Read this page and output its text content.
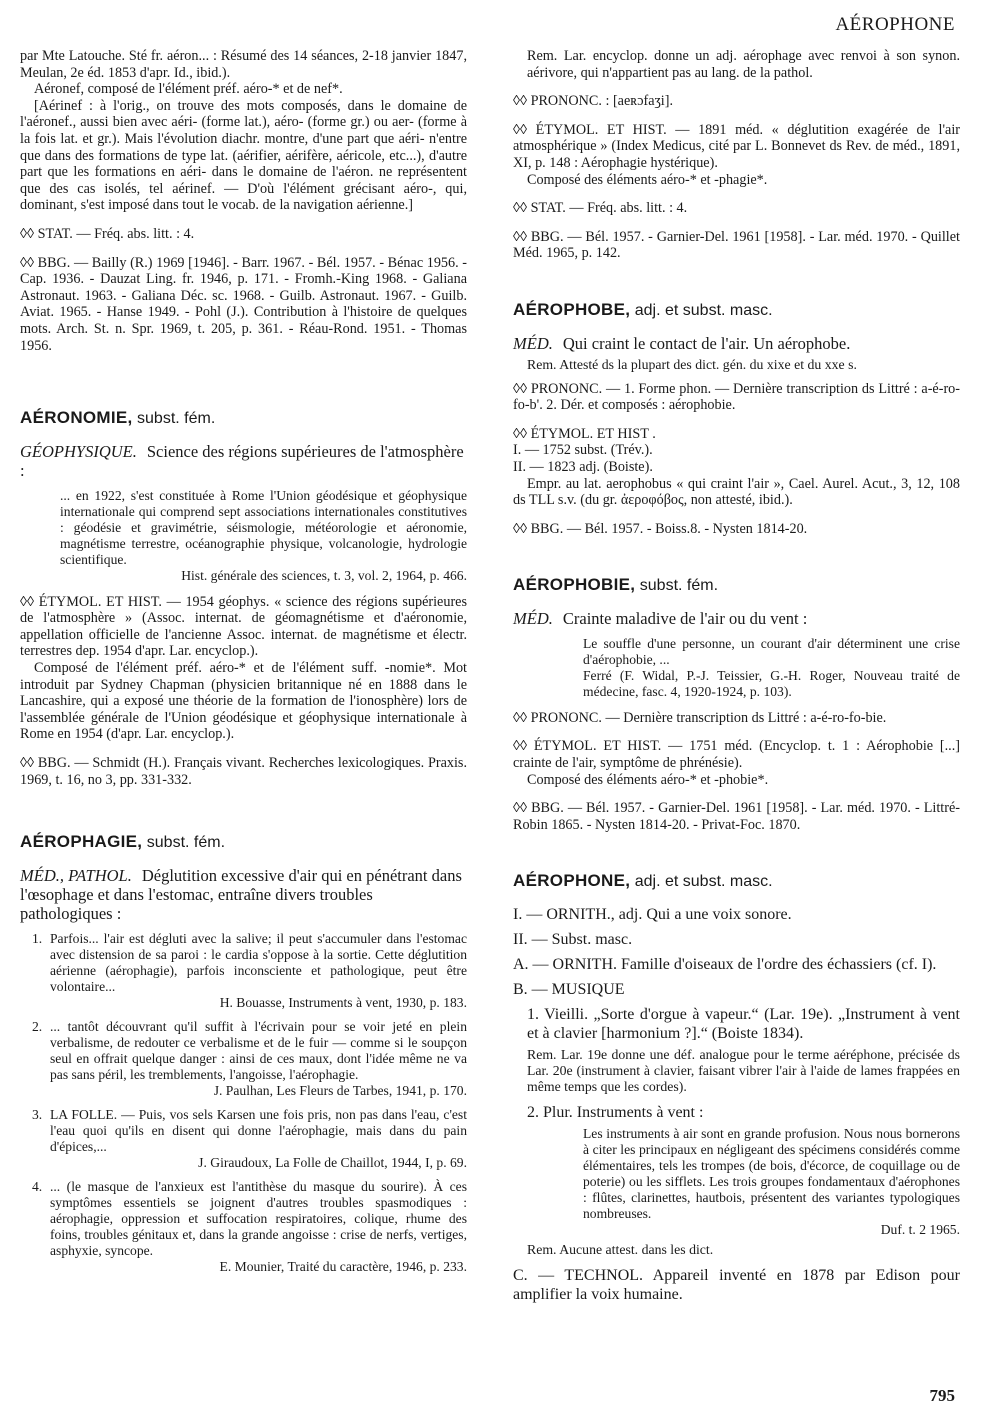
AÉROPHONE

par Mte Latouche. Sté fr. aéron... : Résumé des 14 séances, 2-18 janvier 1847, Meulan, 2e éd. 1853 d'apr. Id., ibid.).

Aéronef, composé de l'élément préf. aéro-* et de nef*.

[Aérinef : à l'orig., on trouve des mots composés, dans le domaine de l'aéronef., aussi bien avec aéri- (forme lat.), aéro- (forme gr.) ou aer- (forme à la fois lat. et gr.). Mais l'évolution diachr. montre, d'une part que aéri- n'entre que dans des formations de type lat. (aérifier, aérifère, aéricole, etc...), d'autre part que les formations en aéri- dans le domaine de l'aéron. ne représentent que des cas isolés, tel aérinef. — D'où l'élément grécisant aéro-, qui, dominant, s'est imposé dans tout le vocab. de la navigation aérienne.]

◊◊ STAT. — Fréq. abs. litt. : 4.

◊◊ BBG. — Bailly (R.) 1969 [1946]. - Barr. 1967. - Bél. 1957. - Bénac 1956. - Cap. 1936. - Dauzat Ling. fr. 1946, p. 171. - Fromh.-King 1968. - Galiana Astronaut. 1963. - Galiana Déc. sc. 1968. - Guilb. Astronaut. 1967. - Guilb. Aviat. 1965. - Hanse 1949. - Pohl (J.). Contribution à l'histoire de quelques mots. Arch. St. n. Spr. 1969, t. 205, p. 361. - Réau-Rond. 1951. - Thomas 1956.

AÉRONOMIE, subst. fém.

GÉOPHYSIQUE. Science des régions supérieures de l'atmosphère :

... en 1922, s'est constituée à Rome l'Union géodésique et géophysique internationale qui comprend sept associations internationales constitutives : géodésie et gravimétrie, séismologie, météorologie et aéronomie, magnétisme terrestre, océanographie physique, volcanologie, hydrologie scientifique.

Hist. générale des sciences, t. 3, vol. 2, 1964, p. 466.

◊◊ ÉTYMOL. ET HIST. — 1954 géophys. « science des régions supérieures de l'atmosphère » (Assoc. internat. de géomagnétisme et d'aéronomie, appellation officielle de l'ancienne Assoc. internat. de magnétisme et électr. terrestres dep. 1954 d'apr. Lar. encyclop.).

Composé de l'élément préf. aéro-* et de l'élément suff. -nomie*. Mot introduit par Sydney Chapman (physicien britannique né en 1888 dans le Lancashire, qui a exposé une théorie de la formation de l'ionosphère) lors de l'assemblée générale de l'Union géodésique et géophysique internationale à Rome en 1954 (d'apr. Lar. encyclop.).

◊◊ BBG. — Schmidt (H.). Français vivant. Recherches lexicologiques. Praxis. 1969, t. 16, no 3, pp. 331-332.

AÉROPHAGIE, subst. fém.

MÉD., PATHOL. Déglutition excessive d'air qui en pénétrant dans l'œsophage et dans l'estomac, entraîne divers troubles pathologiques :

1. Parfois... l'air est dégluti avec la salive; il peut s'accumuler dans l'estomac avec distension de sa paroi : le cardia s'oppose à la sortie. Cette déglutition aérienne (aérophagie), parfois inconsciente et pathologique, peut être volontaire...

H. Bouasse, Instruments à vent, 1930, p. 183.

2. ... tantôt découvrant qu'il suffit à l'écrivain pour se voir jeté en plein verbalisme, de redouter ce verbalisme et de le fuir — comme si le soupçon seul en offrait quelque danger : ainsi de ces maux, dont l'idée même ne va pas sans péril, les tremblements, l'angoisse, l'aérophagie.

J. Paulhan, Les Fleurs de Tarbes, 1941, p. 170.

3. LA FOLLE. — Puis, vos sels Karsen une fois pris, non pas dans l'eau, c'est l'eau quoi qu'ils en disent qui donne l'aérophagie, mais dans du pain d'épices,...

J. Giraudoux, La Folle de Chaillot, 1944, I, p. 69.

4. ... (le masque de l'anxieux est l'antithèse du masque du sourire). À ces symptômes essentiels se joignent d'autres troubles spasmodiques : aérophagie, oppression et suffocation respiratoires, colique, rhume des foins, troubles génitaux et, dans la grande angoisse : crise de nerfs, vertiges, asphyxie, syncope.

E. Mounier, Traité du caractère, 1946, p. 233.

Rem. Lar. encyclop. donne un adj. aérophage avec renvoi à son synon. aérivore, qui n'appartient pas au lang. de la pathol.

◊◊ PRONONC. : [aeʀɔfaʒi].

◊◊ ÉTYMOL. ET HIST. — 1891 méd. « déglutition exagérée de l'air atmosphérique » (Index Medicus, cité par L. Bonnevet ds Rev. de méd., 1891, XI, p. 148 : Aérophagie hystérique).

Composé des éléments aéro-* et -phagie*.

◊◊ STAT. — Fréq. abs. litt. : 4.

◊◊ BBG. — Bél. 1957. - Garnier-Del. 1961 [1958]. - Lar. méd. 1970. - Quillet Méd. 1965, p. 142.

AÉROPHOBE, adj. et subst. masc.

MÉD. Qui craint le contact de l'air. Un aérophobe.

Rem. Attesté ds la plupart des dict. gén. du xixe et du xxe s.

◊◊ PRONONC. — 1. Forme phon. — Dernière transcription ds Littré : a-é-ro-fo-b'. 2. Dér. et composés : aérophobie.

◊◊ ÉTYMOL. ET HIST .

I. — 1752 subst. (Trév.).

II. — 1823 adj. (Boiste).

Empr. au lat. aerophobus « qui craint l'air », Cael. Aurel. Acut., 3, 12, 108 ds TLL s.v. (du gr. ἀεροφόβος, non attesté, ibid.).

◊◊ BBG. — Bél. 1957. - Boiss.8. - Nysten 1814-20.

AÉROPHOBIE, subst. fém.

MÉD. Crainte maladive de l'air ou du vent :

Le souffle d'une personne, un courant d'air déterminent une crise d'aérophobie, ...

Ferré (F. Widal, P.-J. Teissier, G.-H. Roger, Nouveau traité de médecine, fasc. 4, 1920-1924, p. 103).

◊◊ PRONONC. — Dernière transcription ds Littré : a-é-ro-fo-bie.

◊◊ ÉTYMOL. ET HIST. — 1751 méd. (Encyclop. t. 1 : Aérophobie [...] crainte de l'air, symptôme de phrénésie).

Composé des éléments aéro-* et -phobie*.

◊◊ BBG. — Bél. 1957. - Garnier-Del. 1961 [1958]. - Lar. méd. 1970. - Littré-Robin 1865. - Nysten 1814-20. - Privat-Foc. 1870.

AÉROPHONE, adj. et subst. masc.

I. — ORNITH., adj. Qui a une voix sonore.

II. — Subst. masc.

A. — ORNITH. Famille d'oiseaux de l'ordre des échassiers (cf. I).

B. — MUSIQUE

1. Vieilli. „Sorte d'orgue à vapeur.“ (Lar. 19e). „Instrument à vent et à clavier [harmonium ?].“ (Boiste 1834).

Rem. Lar. 19e donne une déf. analogue pour le terme aéréphone, précisée ds Lar. 20e (instrument à clavier, faisant vibrer l'air à l'aide de lames frappées en même temps que les cordes).

2. Plur. Instruments à vent :

Les instruments à air sont en grande profusion. Nous nous bornerons à citer les principaux en négligeant des spécimens considérés comme élémentaires, tels les trompes (de bois, d'écorce, de coquillage ou de poterie) ou les sifflets. Les trois groupes fondamentaux d'aérophones : flûtes, clarinettes, hautbois, présentent des variantes typologiques nombreuses.

Duf. t. 2 1965.

Rem. Aucune attest. dans les dict.

C. — TECHNOL. Appareil inventé en 1878 par Edison pour amplifier la voix humaine.

795
